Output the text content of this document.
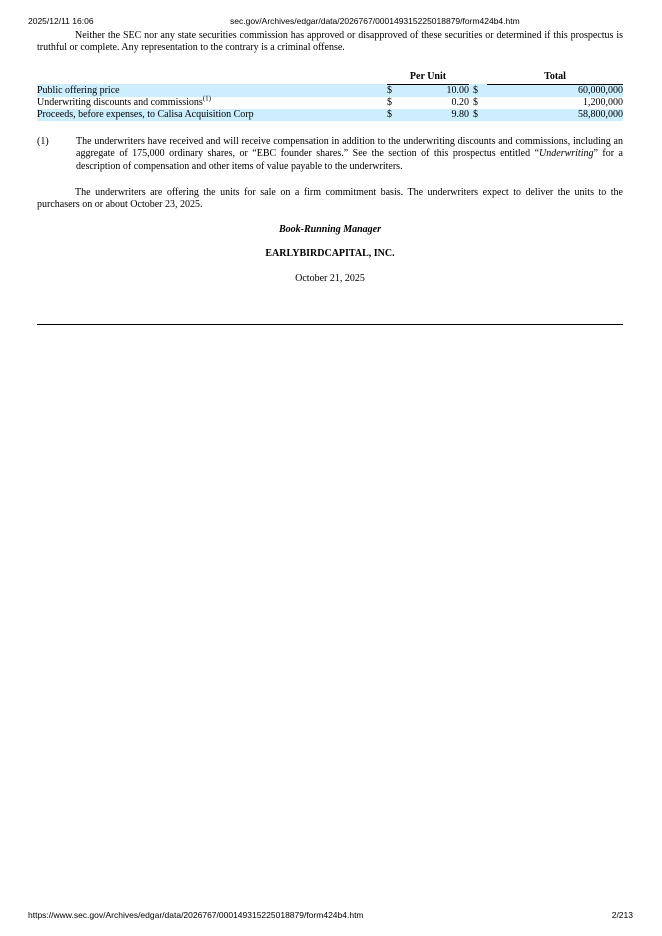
2025/12/11 16:06	sec.gov/Archives/edgar/data/2026767/000149315225018879/form424b4.htm

Neither the SEC nor any state securities commission has approved or disapproved of these securities or determined if this prospectus is truthful or complete. Any representation to the contrary is a criminal offense.

	Per Unit			Total
Public offering price	$	10.00	$		60,000,000
Underwriting discounts and commissions$^{(1)}$	$	0.20	$		1,200,000
Proceeds, before expenses, to Calisa Acquisition Corp	$	9.80	$		58,800,000
(1)	The underwriters have received and will receive compensation in addition to the underwriting discounts and commissions, including an aggregate of 175,000 ordinary shares, or “EBC founder shares.” See the section of this prospectus entitled “Underwriting” for a description of compensation and other items of value payable to the underwriters.

The underwriters are offering the units for sale on a firm commitment basis. The underwriters expect to deliver the units to the purchasers on or about October 23, 2025.

Book-Running Manager
EARLYBIRDCAPITAL, INC.
October 21, 2025
https://www.sec.gov/Archives/edgar/data/2026767/000149315225018879/form424b4.htm	2/213
